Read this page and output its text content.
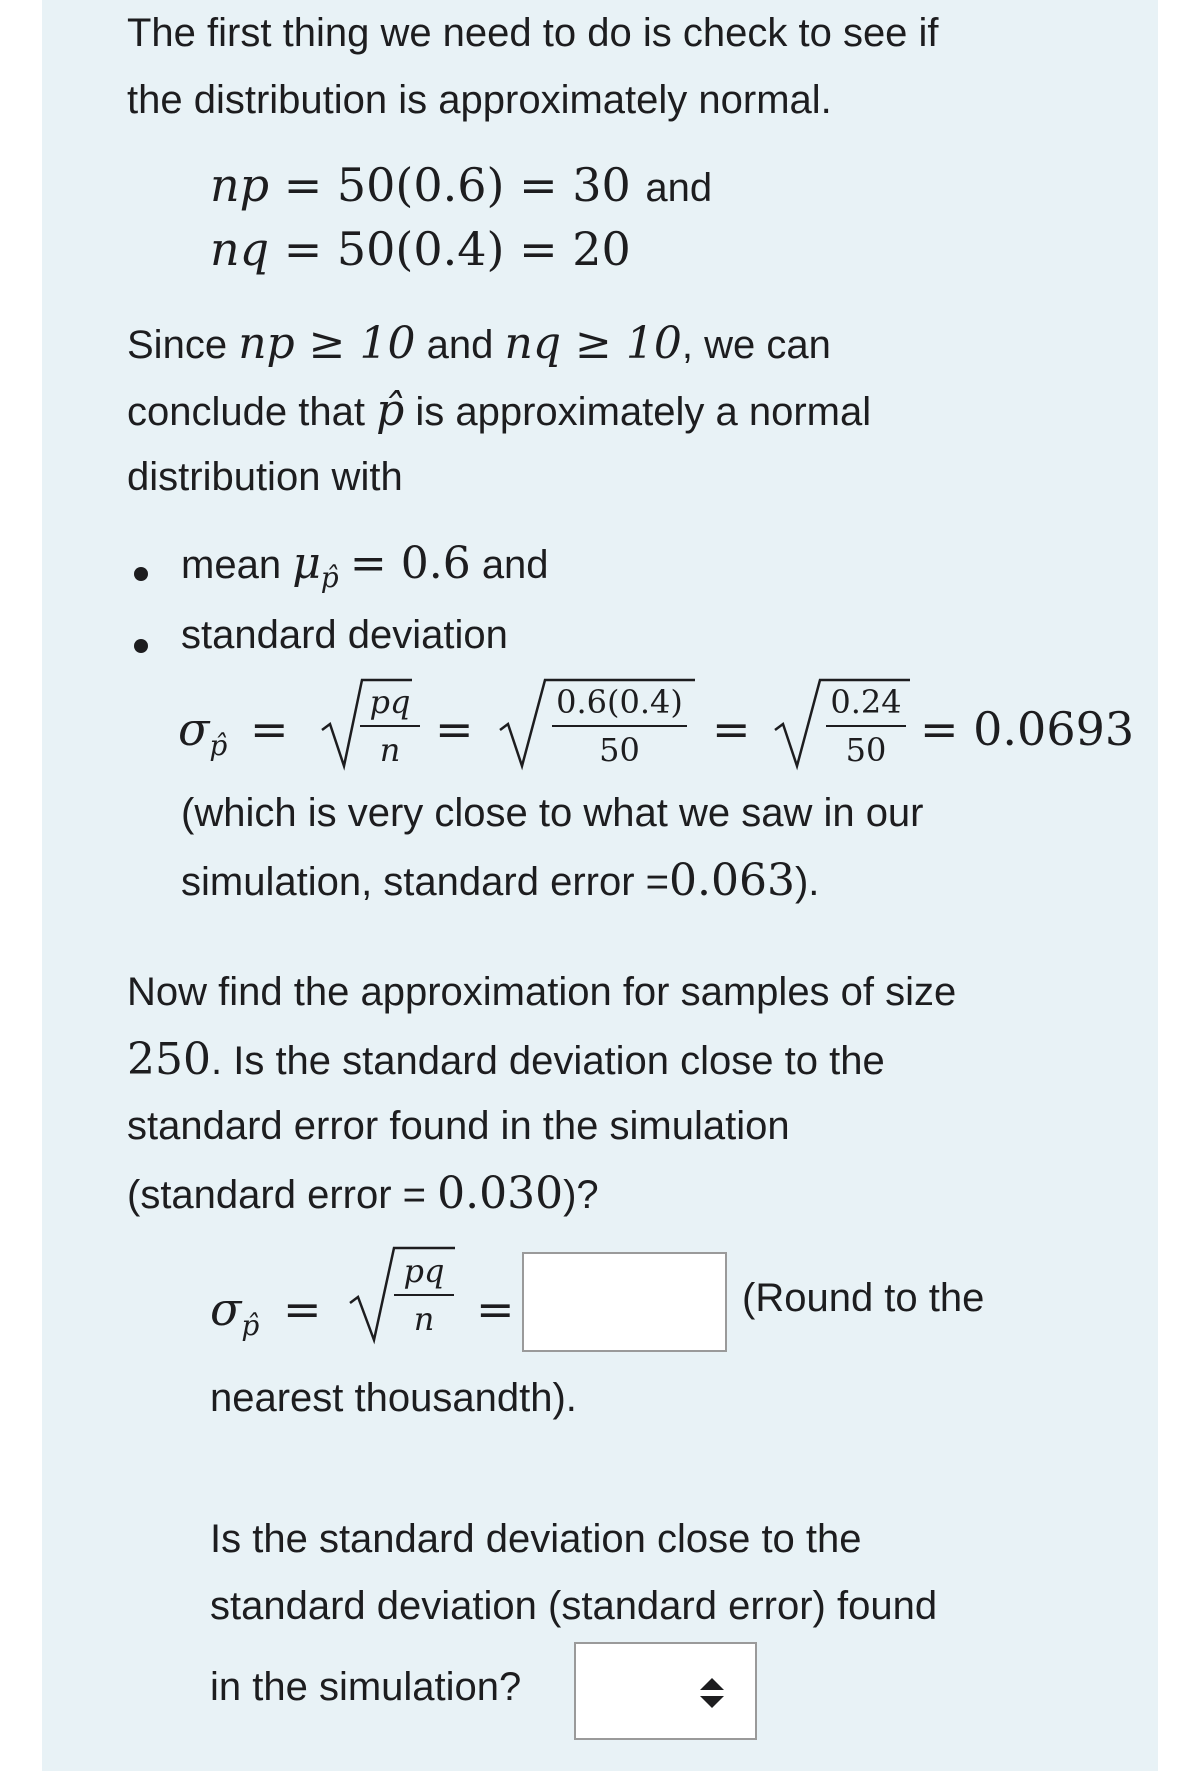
The first thing we need to do is check to see if
the distribution is approximately normal.
np = 50(0.6) = 30 and
nq = 50(0.4) = 20
Since np ≥ 10 and nq ≥ 10, we can
conclude that p̂ is approximately a normal
distribution with
mean $\mu_{p̂} = 0.6$ and
standard deviation
$\sigma_{p̂}$ =	pq
n =	0.6(0.4)
50	= 0.24
50 = 0.0693
(which is very close to what we saw in our
simulation, standard error =0.063).
Now find the approximation for samples of size
250. Is the standard deviation close to the
standard error found in the simulation
(standard error = 0.030)?
$\sigma_{p̂}$ =
pq
n =	(Round to the
nearest thousandth).
Is the standard deviation close to the
standard deviation (standard error) found
in the simulation?
